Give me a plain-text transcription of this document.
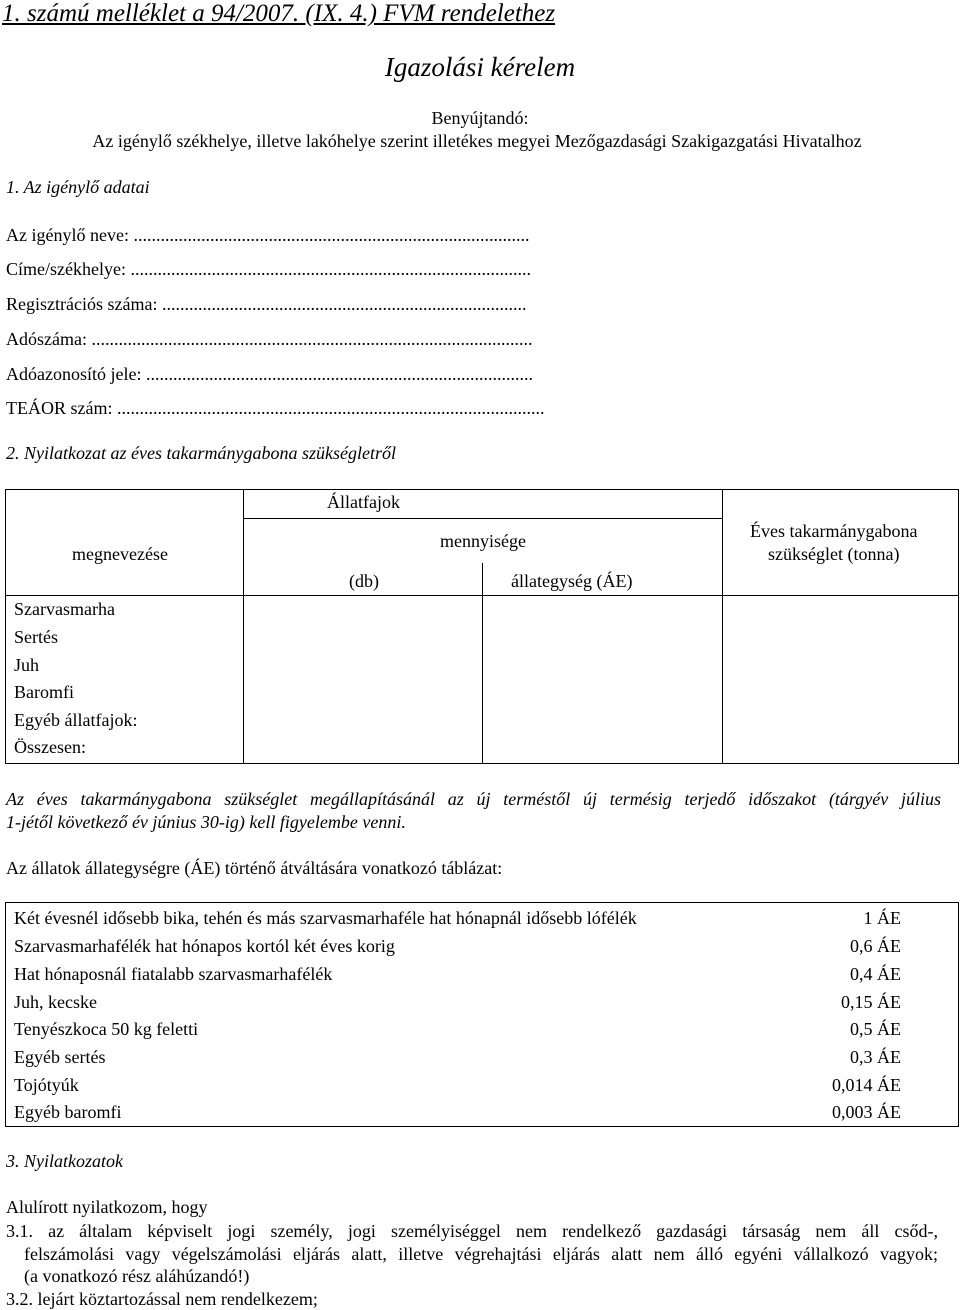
1. számú melléklet a 94/2007. (IX. 4.) FVM rendelethez
Igazolási kérelem
Benyújtandó:
Az igénylő székhelye, illetve lakóhelye szerint illetékes megyei Mezőgazdasági Szakigazgatási Hivatalhoz
1. Az igénylő adatai
Az igénylő neve: ........................................................................................
Címe/székhelye: .........................................................................................
Regisztrációs száma: .................................................................................
Adószáma: ..................................................................................................
Adóazonosító jele: ......................................................................................
TEÁOR szám: ...............................................................................................
2. Nyilatkozat az éves takarmánygabona szükségletről
Állatfajok
megnevezése
mennyisége
(db)	állategység (ÁE)
Éves takarmánygabona
szükséglet (tonna)
Szarvasmarha
Sertés
Juh
Baromfi
Egyéb állatfajok:
Összesen:
Az éves takarmánygabona szükséglet megállapításánál az új terméstől új termésig terjedő időszakot (tárgyév július
1-jétől következő év június 30-ig) kell figyelembe venni.
Az állatok állategységre (ÁE) történő átváltására vonatkozó táblázat:
Két évesnél idősebb bika, tehén és más szarvasmarhaféle hat hónapnál idősebb lófélék	1 ÁE
Szarvasmarhafélék hat hónapos kortól két éves korig	0,6 ÁE
Hat hónaposnál fiatalabb szarvasmarhafélék	0,4 ÁE
Juh, kecske	0,15 ÁE
Tenyészkoca 50 kg feletti	0,5 ÁE
Egyéb sertés	0,3 ÁE
Tojótyúk	0,014 ÁE
Egyéb baromfi	0,003 ÁE
3. Nyilatkozatok
Alulírott nyilatkozom, hogy
3.1. az általam képviselt jogi személy, jogi személyiséggel nem rendelkező gazdasági társaság nem áll csőd-,
felszámolási vagy végelszámolási eljárás alatt, illetve végrehajtási eljárás alatt nem álló egyéni vállalkozó vagyok;
(a vonatkozó rész aláhúzandó!)
3.2. lejárt köztartozással nem rendelkezem;
